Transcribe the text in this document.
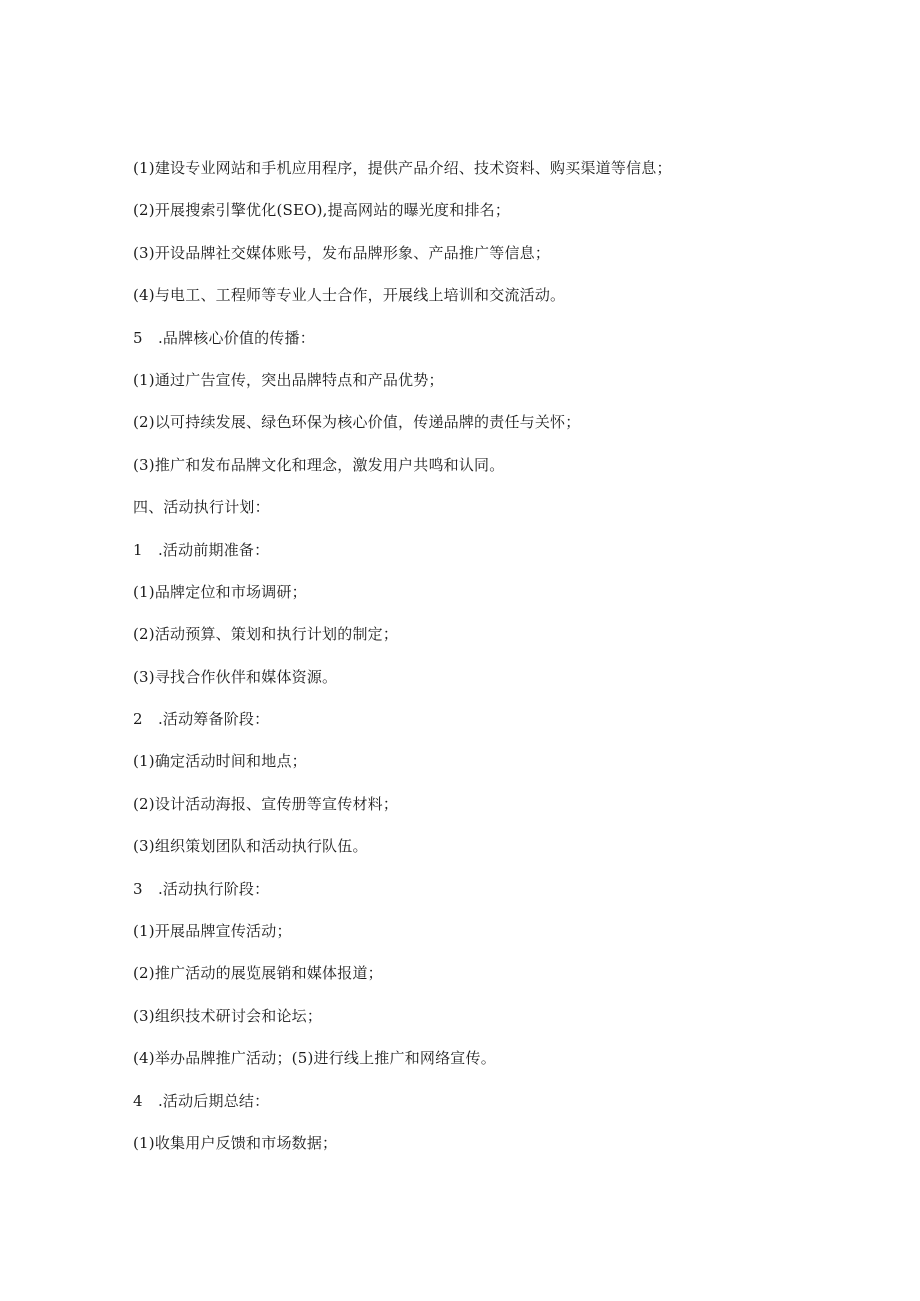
(1)建设专业网站和手机应用程序，提供产品介绍、技术资料、购买渠道等信息；
(2)开展搜索引擎优化(SEO),提高网站的曝光度和排名；
(3)开设品牌社交媒体账号，发布品牌形象、产品推广等信息；
(4)与电工、工程师等专业人士合作，开展线上培训和交流活动。
5　.品牌核心价值的传播：
(1)通过广告宣传，突出品牌特点和产品优势；
(2)以可持续发展、绿色环保为核心价值，传递品牌的责任与关怀；
(3)推广和发布品牌文化和理念，激发用户共鸣和认同。
四、活动执行计划：
1　.活动前期准备：
(1)品牌定位和市场调研；
(2)活动预算、策划和执行计划的制定；
(3)寻找合作伙伴和媒体资源。
2　.活动筹备阶段：
(1)确定活动时间和地点；
(2)设计活动海报、宣传册等宣传材料；
(3)组织策划团队和活动执行队伍。
3　.活动执行阶段：
(1)开展品牌宣传活动；
(2)推广活动的展览展销和媒体报道；
(3)组织技术研讨会和论坛；
(4)举办品牌推广活动；(5)进行线上推广和网络宣传。
4　.活动后期总结：
(1)收集用户反馈和市场数据；
